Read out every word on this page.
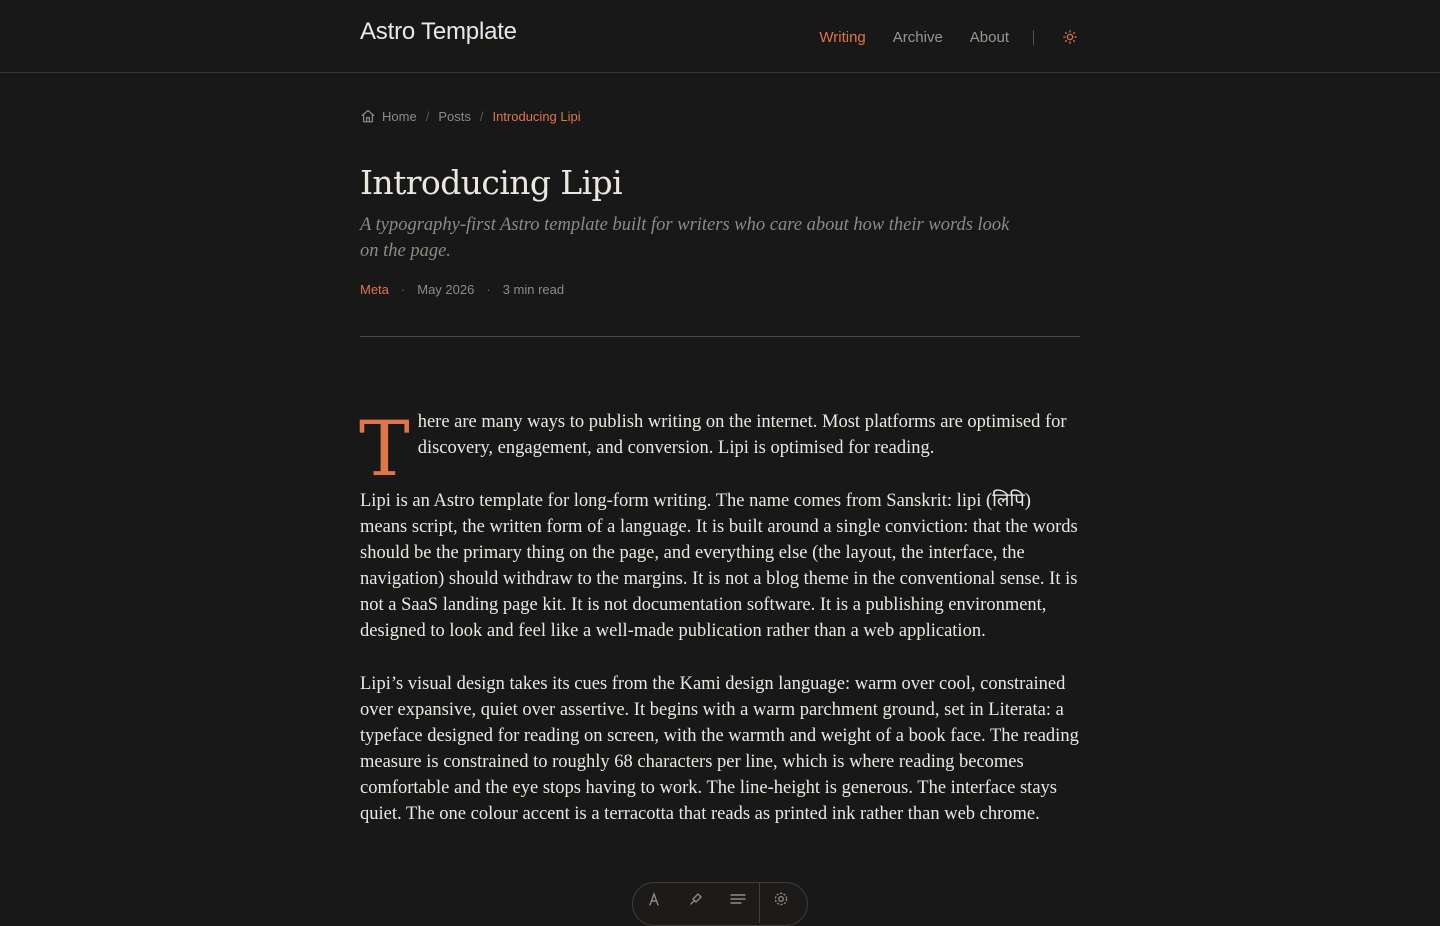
Astro Template	Writing Archive About
Home / Posts / Introducing Lipi
Introducing Lipi

A typography-first Astro template built for writers who care about how their words look on the page.

Meta · May 2026 · 3 min read

T here are many ways to publish writing on the internet. Most platforms are optimised for discovery, engagement, and conversion. Lipi is optimised for reading.

Lipi is an Astro template for long-form writing. The name comes from Sanskrit: lipi (लिपि) means script, the written form of a language. It is built around a single conviction: that the words should be the primary thing on the page, and everything else (the layout, the interface, the navigation) should withdraw to the margins. It is not a blog theme in the conventional sense. It is not a SaaS landing page kit. It is not documentation software. It is a publishing environment, designed to look and feel like a well-made publication rather than a web application.

Lipi’s visual design takes its cues from the Kami design language: warm over cool, constrained over expansive, quiet over assertive. It begins with a warm parchment ground, set in Literata: a typeface designed for reading on screen, with the warmth and weight of a book face. The reading measure is constrained to roughly 68 characters per line, which is where reading becomes comfortable and the eye stops having to work. The line-height is generous. The interface stays quiet. The one colour accent is a terracotta that reads as printed ink rather than web chrome.
